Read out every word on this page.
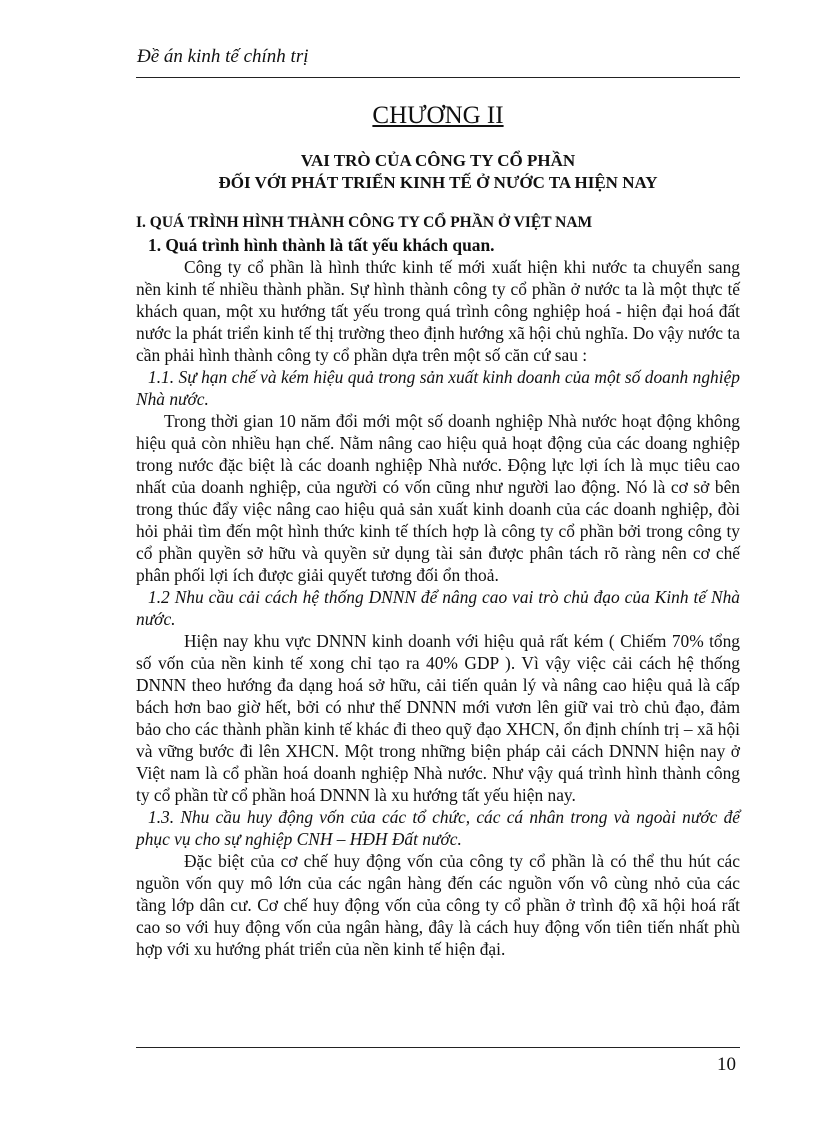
Đề án kinh tế chính trị
CHƯƠNG II
VAI TRÒ CỦA CÔNG TY CỔ PHẦN
ĐỐI VỚI PHÁT TRIỂN KINH TẾ Ở NƯỚC TA HIỆN NAY

I. QUÁ TRÌNH HÌNH THÀNH CÔNG TY CỔ PHẦN Ở VIỆT NAM

1. Quá trình hình thành là tất yếu khách quan.

Công ty cổ phần là hình thức kinh tế mới xuất hiện khi nước ta chuyển sang nền kinh tế nhiều thành phần. Sự hình thành công ty cổ phần ở nước ta là một thực tế khách quan, một xu hướng tất yếu trong quá trình công nghiệp hoá - hiện đại hoá đất nước la phát triển kinh tế thị trường theo định hướng xã hội chủ nghĩa. Do vậy nước ta cần phải hình thành công ty cổ phần dựa trên một số căn cứ sau :

1.1. Sự hạn chế và kém hiệu quả trong sản xuất kinh doanh của một số doanh nghiệp Nhà nước.

Trong thời gian 10 năm đổi mới một số doanh nghiệp Nhà nước hoạt động không hiệu quả còn nhiều hạn chế. Nằm nâng cao hiệu quả hoạt động của các doang nghiệp trong nước đặc biệt là các doanh nghiệp Nhà nước. Động lực lợi ích là mục tiêu cao nhất của doanh nghiệp, của người có vốn cũng như người lao động. Nó là cơ sở bên trong thúc đẩy việc nâng cao hiệu quả sản xuất kinh doanh của các doanh nghiệp, đòi hỏi phải tìm đến một hình thức kinh tế thích hợp là công ty cổ phần bởi trong công ty cổ phần quyền sở hữu và quyền sử dụng tài sản được phân tách rõ ràng nên cơ chế phân phối lợi ích được giải quyết tương đối ổn thoả.

1.2 Nhu cầu cải cách hệ thống DNNN để nâng cao vai trò chủ đạo của Kinh tế Nhà nước.

Hiện nay khu vực DNNN kinh doanh với hiệu quả rất kém ( Chiếm 70% tổng số vốn của nền kinh tế xong chỉ tạo ra 40% GDP ). Vì vậy việc cải cách hệ thống DNNN theo hướng đa dạng hoá sở hữu, cải tiến quản lý và nâng cao hiệu quả là cấp bách hơn bao giờ hết, bởi có như thế DNNN mới vươn lên giữ vai trò chủ đạo, đảm bảo cho các thành phần kinh tế khác đi theo quỹ đạo XHCN, ổn định chính trị – xã hội và vững bước đi lên XHCN. Một trong những biện pháp cải cách DNNN hiện nay ở Việt nam là cổ phần hoá doanh nghiệp Nhà nước. Như vậy quá trình hình thành công ty cổ phần từ cổ phần hoá DNNN là xu hướng tất yếu hiện nay.

1.3. Nhu cầu huy động vốn của các tổ chức, các cá nhân trong và ngoài nước để phục vụ cho sự nghiệp CNH – HĐH Đất nước.

Đặc biệt của cơ chế huy động vốn của công ty cổ phần là có thể thu hút các nguồn vốn quy mô lớn của các ngân hàng đến các nguồn vốn vô cùng nhỏ của các tầng lớp dân cư. Cơ chế huy động vốn của công ty cổ phần ở trình độ xã hội hoá rất cao so với huy động vốn của ngân hàng, đây là cách huy động vốn tiên tiến nhất phù hợp với xu hướng phát triển của nền kinh tế hiện đại.

10
